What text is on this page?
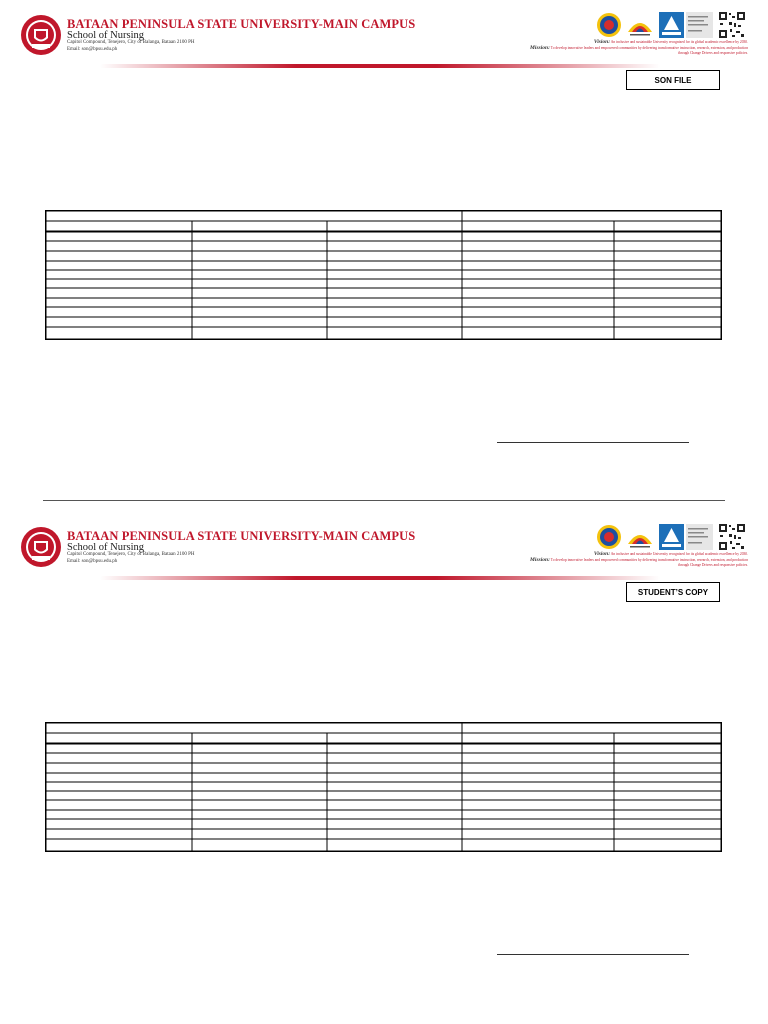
BATAAN PENINSULA STATE UNIVERSITY-MAIN CAMPUS
School of Nursing
Capitol Compound, Tenejero, City of Balanga, Bataan 2100 PH
Email: son@bpsu.edu.ph
Vision: An inclusive and sustainable University recognized for its global academic excellence by 2030.
Mission: To develop innovative leaders and empowered communities by delivering transformative instruction, research, extension, and production through Change Drivers and responsive policies.
SON FILE
BATAAN PENINSULA STATE UNIVERSITY-MAIN CAMPUS
School of Nursing
Capitol Compound, Tenejero, City of Balanga, Bataan 2100 PH
Email: son@bpsu.edu.ph
Vision: An inclusive and sustainable University recognized for its global academic excellence by 2030.
Mission: To develop innovative leaders and empowered communities by delivering transformative instruction, research, extension, and production through Change Drivers and responsive policies.
STUDENT’S COPY
